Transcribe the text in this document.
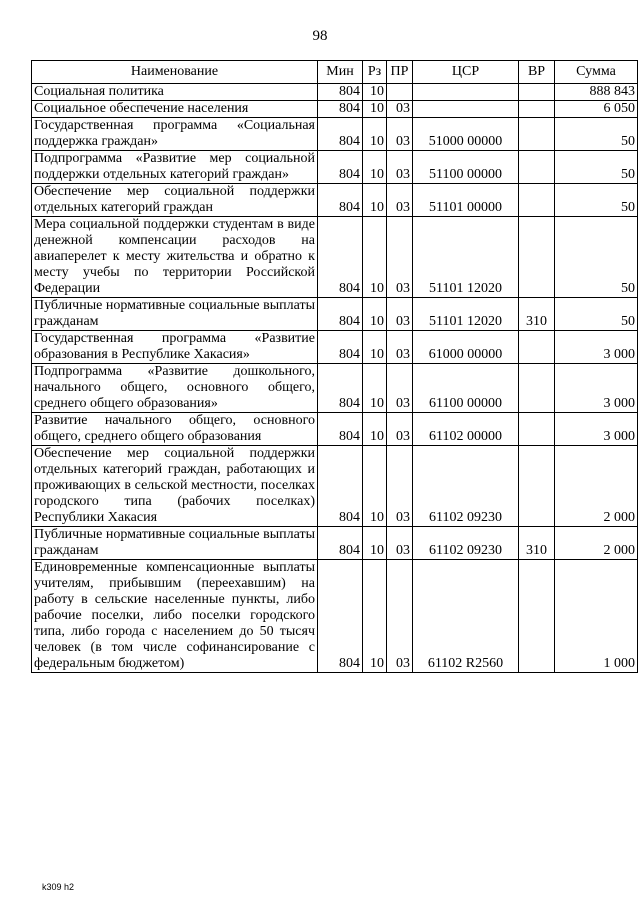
98
Наименование	Мин	Рз	ПР	ЦСР	ВР	Сумма
Социальная политика	804	10				888 843
Социальное обеспечение населения	804	10	03			6 050
Государственная программа «Социальная поддержка граждан»	804	10	03	51000 00000		50
Подпрограмма «Развитие мер социальной поддержки отдельных категорий граждан»	804	10	03	51100 00000		50
Обеспечение мер социальной поддержки отдельных категорий граждан	804	10	03	51101 00000		50
Мера социальной поддержки студентам в виде денежной компенсации расходов на авиаперелет к месту жительства и обратно к месту учебы по территории Российской Федерации	804	10	03	51101 12020		50
Публичные нормативные социальные выплаты гражданам	804	10	03	51101 12020	310	50
Государственная программа «Развитие образования в Республике Хакасия»	804	10	03	61000 00000		3 000
Подпрограмма «Развитие дошкольного, начального общего, основного общего, среднего общего образования»	804	10	03	61100 00000		3 000
Развитие начального общего, основного общего, среднего общего образования	804	10	03	61102 00000		3 000
Обеспечение мер социальной поддержки отдельных категорий граждан, работающих и проживающих в сельской местности, поселках городского типа (рабочих поселках) Республики Хакасия	804	10	03	61102 09230		2 000
Публичные нормативные социальные выплаты гражданам	804	10	03	61102 09230	310	2 000
Единовременные компенсационные выплаты учителям, прибывшим (переехавшим) на работу в сельские населенные пункты, либо рабочие поселки, либо поселки городского типа, либо города с населением до 50 тысяч человек (в том числе софинансирование с федеральным бюджетом)	804	10	03	61102 R2560		1 000
k309 h2
